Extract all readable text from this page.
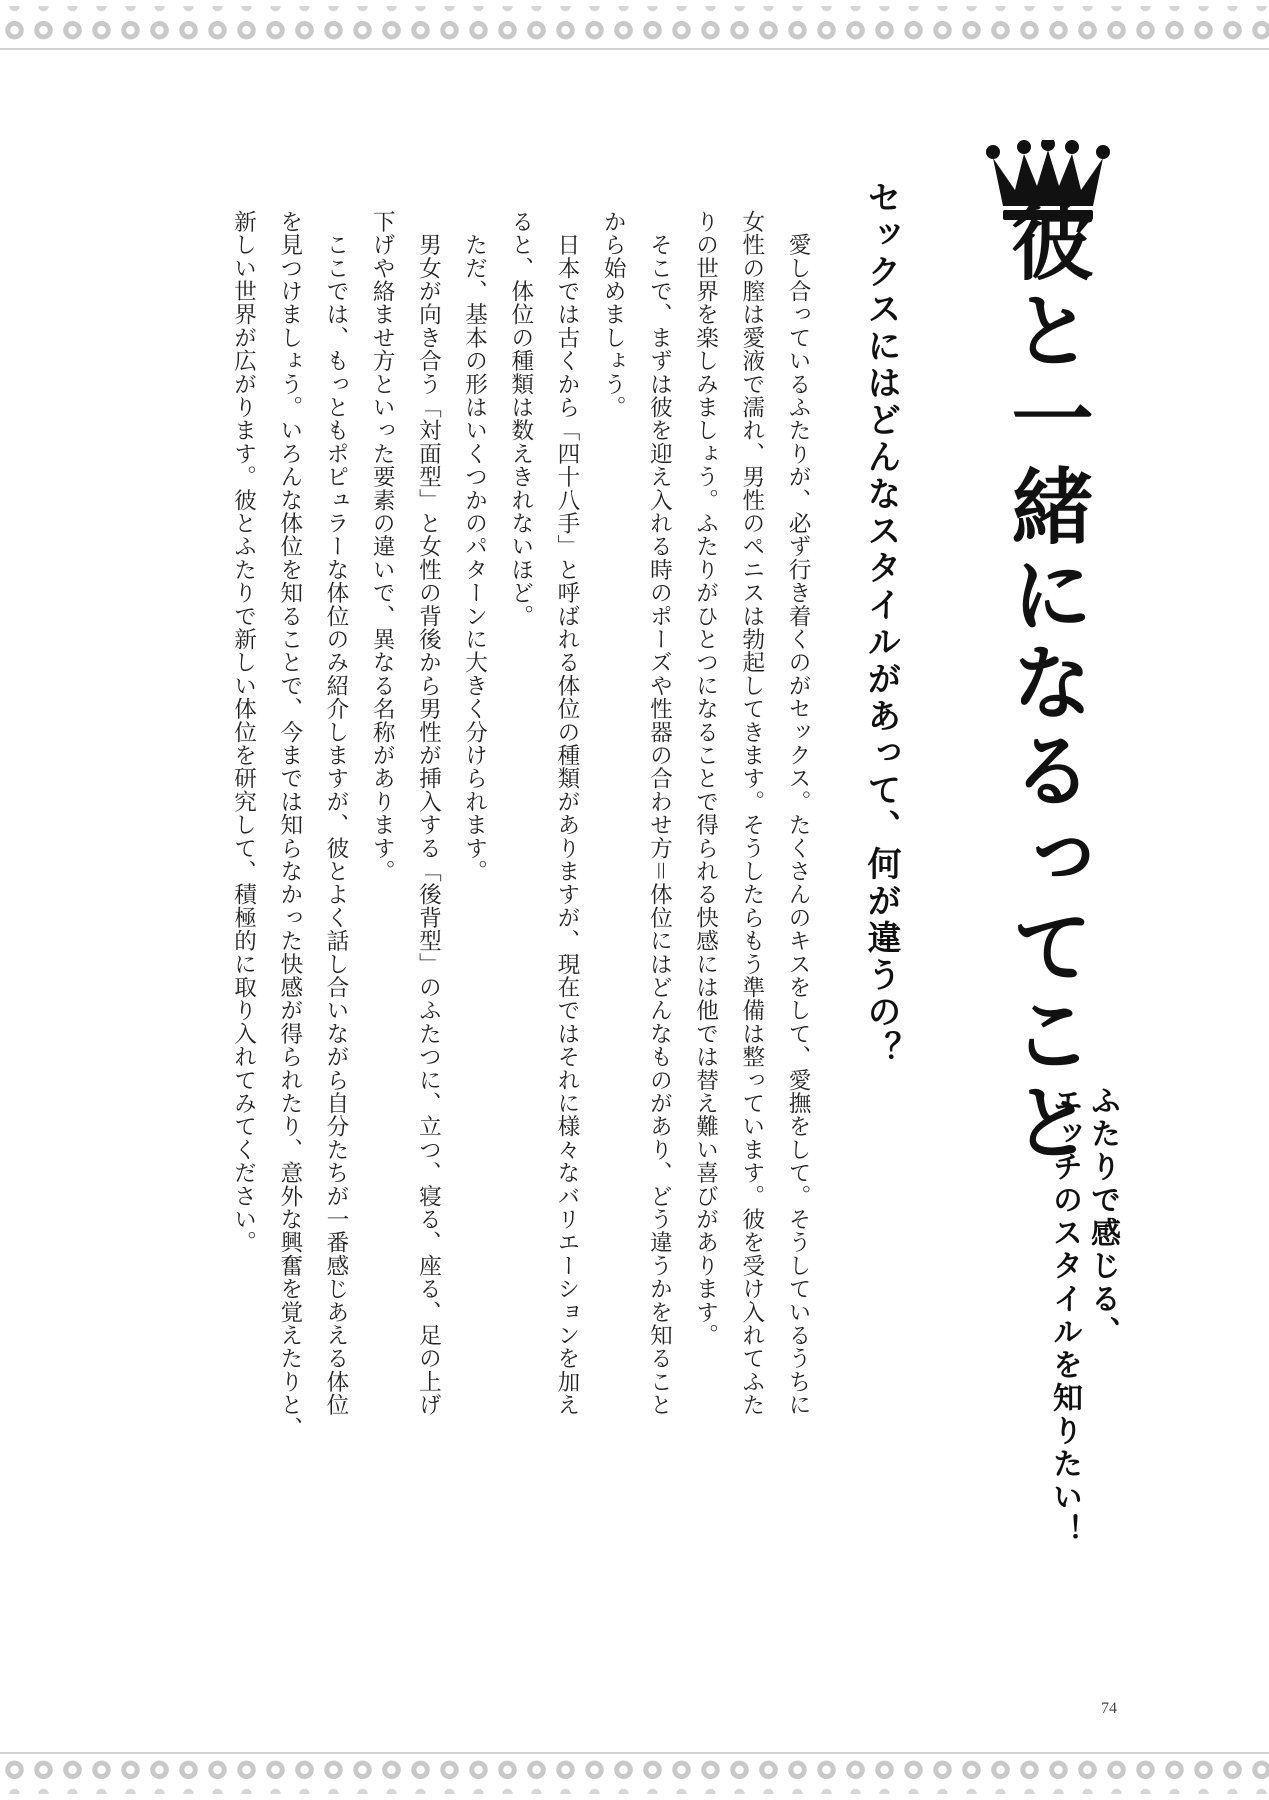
彼と一緒になるってこと
ふたりで感じる、
エッチのスタイルを知りたい！
セックスにはどんなスタイルがあって、何が違うの？
　愛し合っているふたりが、必ず行き着くのがセックス。たくさんのキスをして、愛撫をして。そうしているうちに
女性の膣は愛液で濡れ、男性のペニスは勃起してきます。そうしたらもう準備は整っています。彼を受け入れてふた
りの世界を楽しみましょう。ふたりがひとつになることで得られる快感には他では替え難い喜びがあります。
　そこで、まずは彼を迎え入れる時のポーズや性器の合わせ方＝体位にはどんなものがあり、どう違うかを知ること
から始めましょう。
　日本では古くから「四十八手」と呼ばれる体位の種類がありますが、現在ではそれに様々なバリエーションを加え
ると、体位の種類は数えきれないほど。
　ただ、基本の形はいくつかのパターンに大きく分けられます。
　男女が向き合う「対面型」と女性の背後から男性が挿入する「後背型」のふたつに、立つ、寝る、座る、足の上げ
下げや絡ませ方といった要素の違いで、異なる名称があります。
　ここでは、もっともポピュラーな体位のみ紹介しますが、彼とよく話し合いながら自分たちが一番感じあえる体位
を見つけましょう。いろんな体位を知ることで、今までは知らなかった快感が得られたり、意外な興奮を覚えたりと、
新しい世界が広がります。彼とふたりで新しい体位を研究して、積極的に取り入れてみてください。
74
